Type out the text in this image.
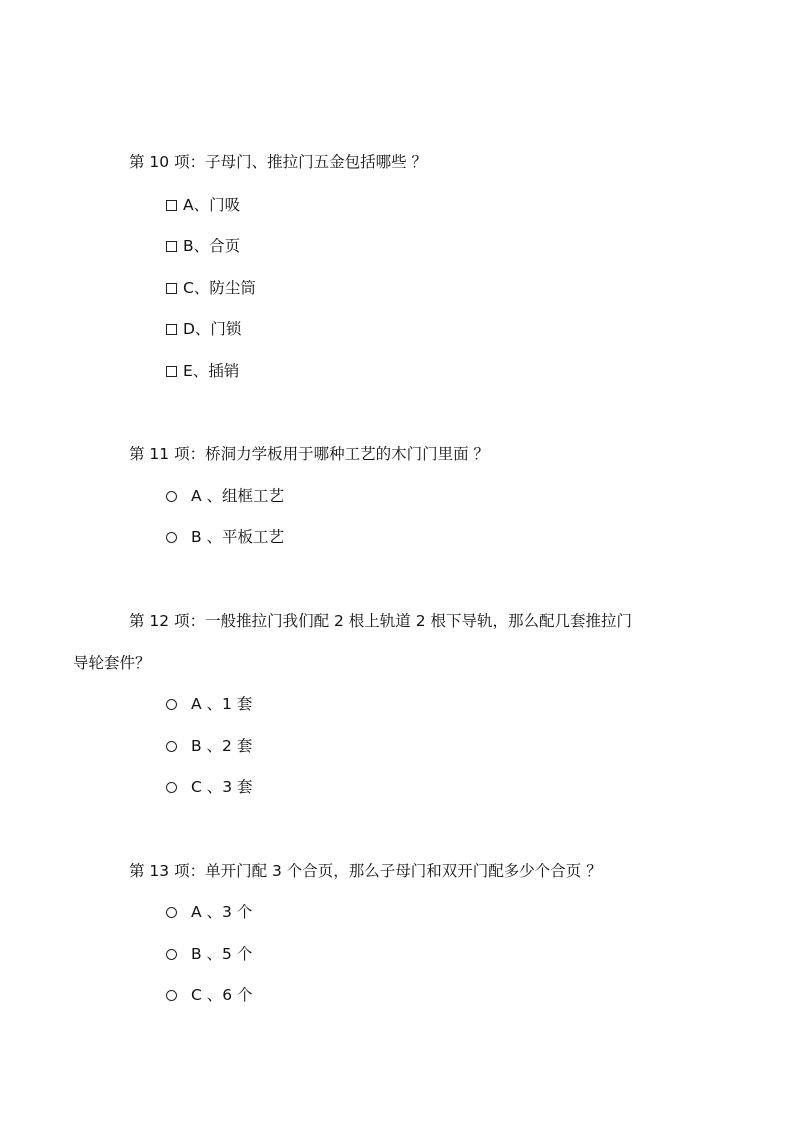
第 10 项：子母门、推拉门五金包括哪些 ？
A、门吸
B、合页
C、防尘筒
D、门锁
E、插销
第 11 项：桥洞力学板用于哪种工艺的木门门里面 ？
A 、组框工艺
B 、平板工艺
第 12 项：一般推拉门我们配 2 根上轨道 2 根下导轨，那么配几套推拉门
导轮套件？
A 、1 套
B 、2 套
C 、3 套
第 13 项：单开门配 3 个合页，那么子母门和双开门配多少个合页 ？
A 、3 个
B 、5 个
C 、6 个
